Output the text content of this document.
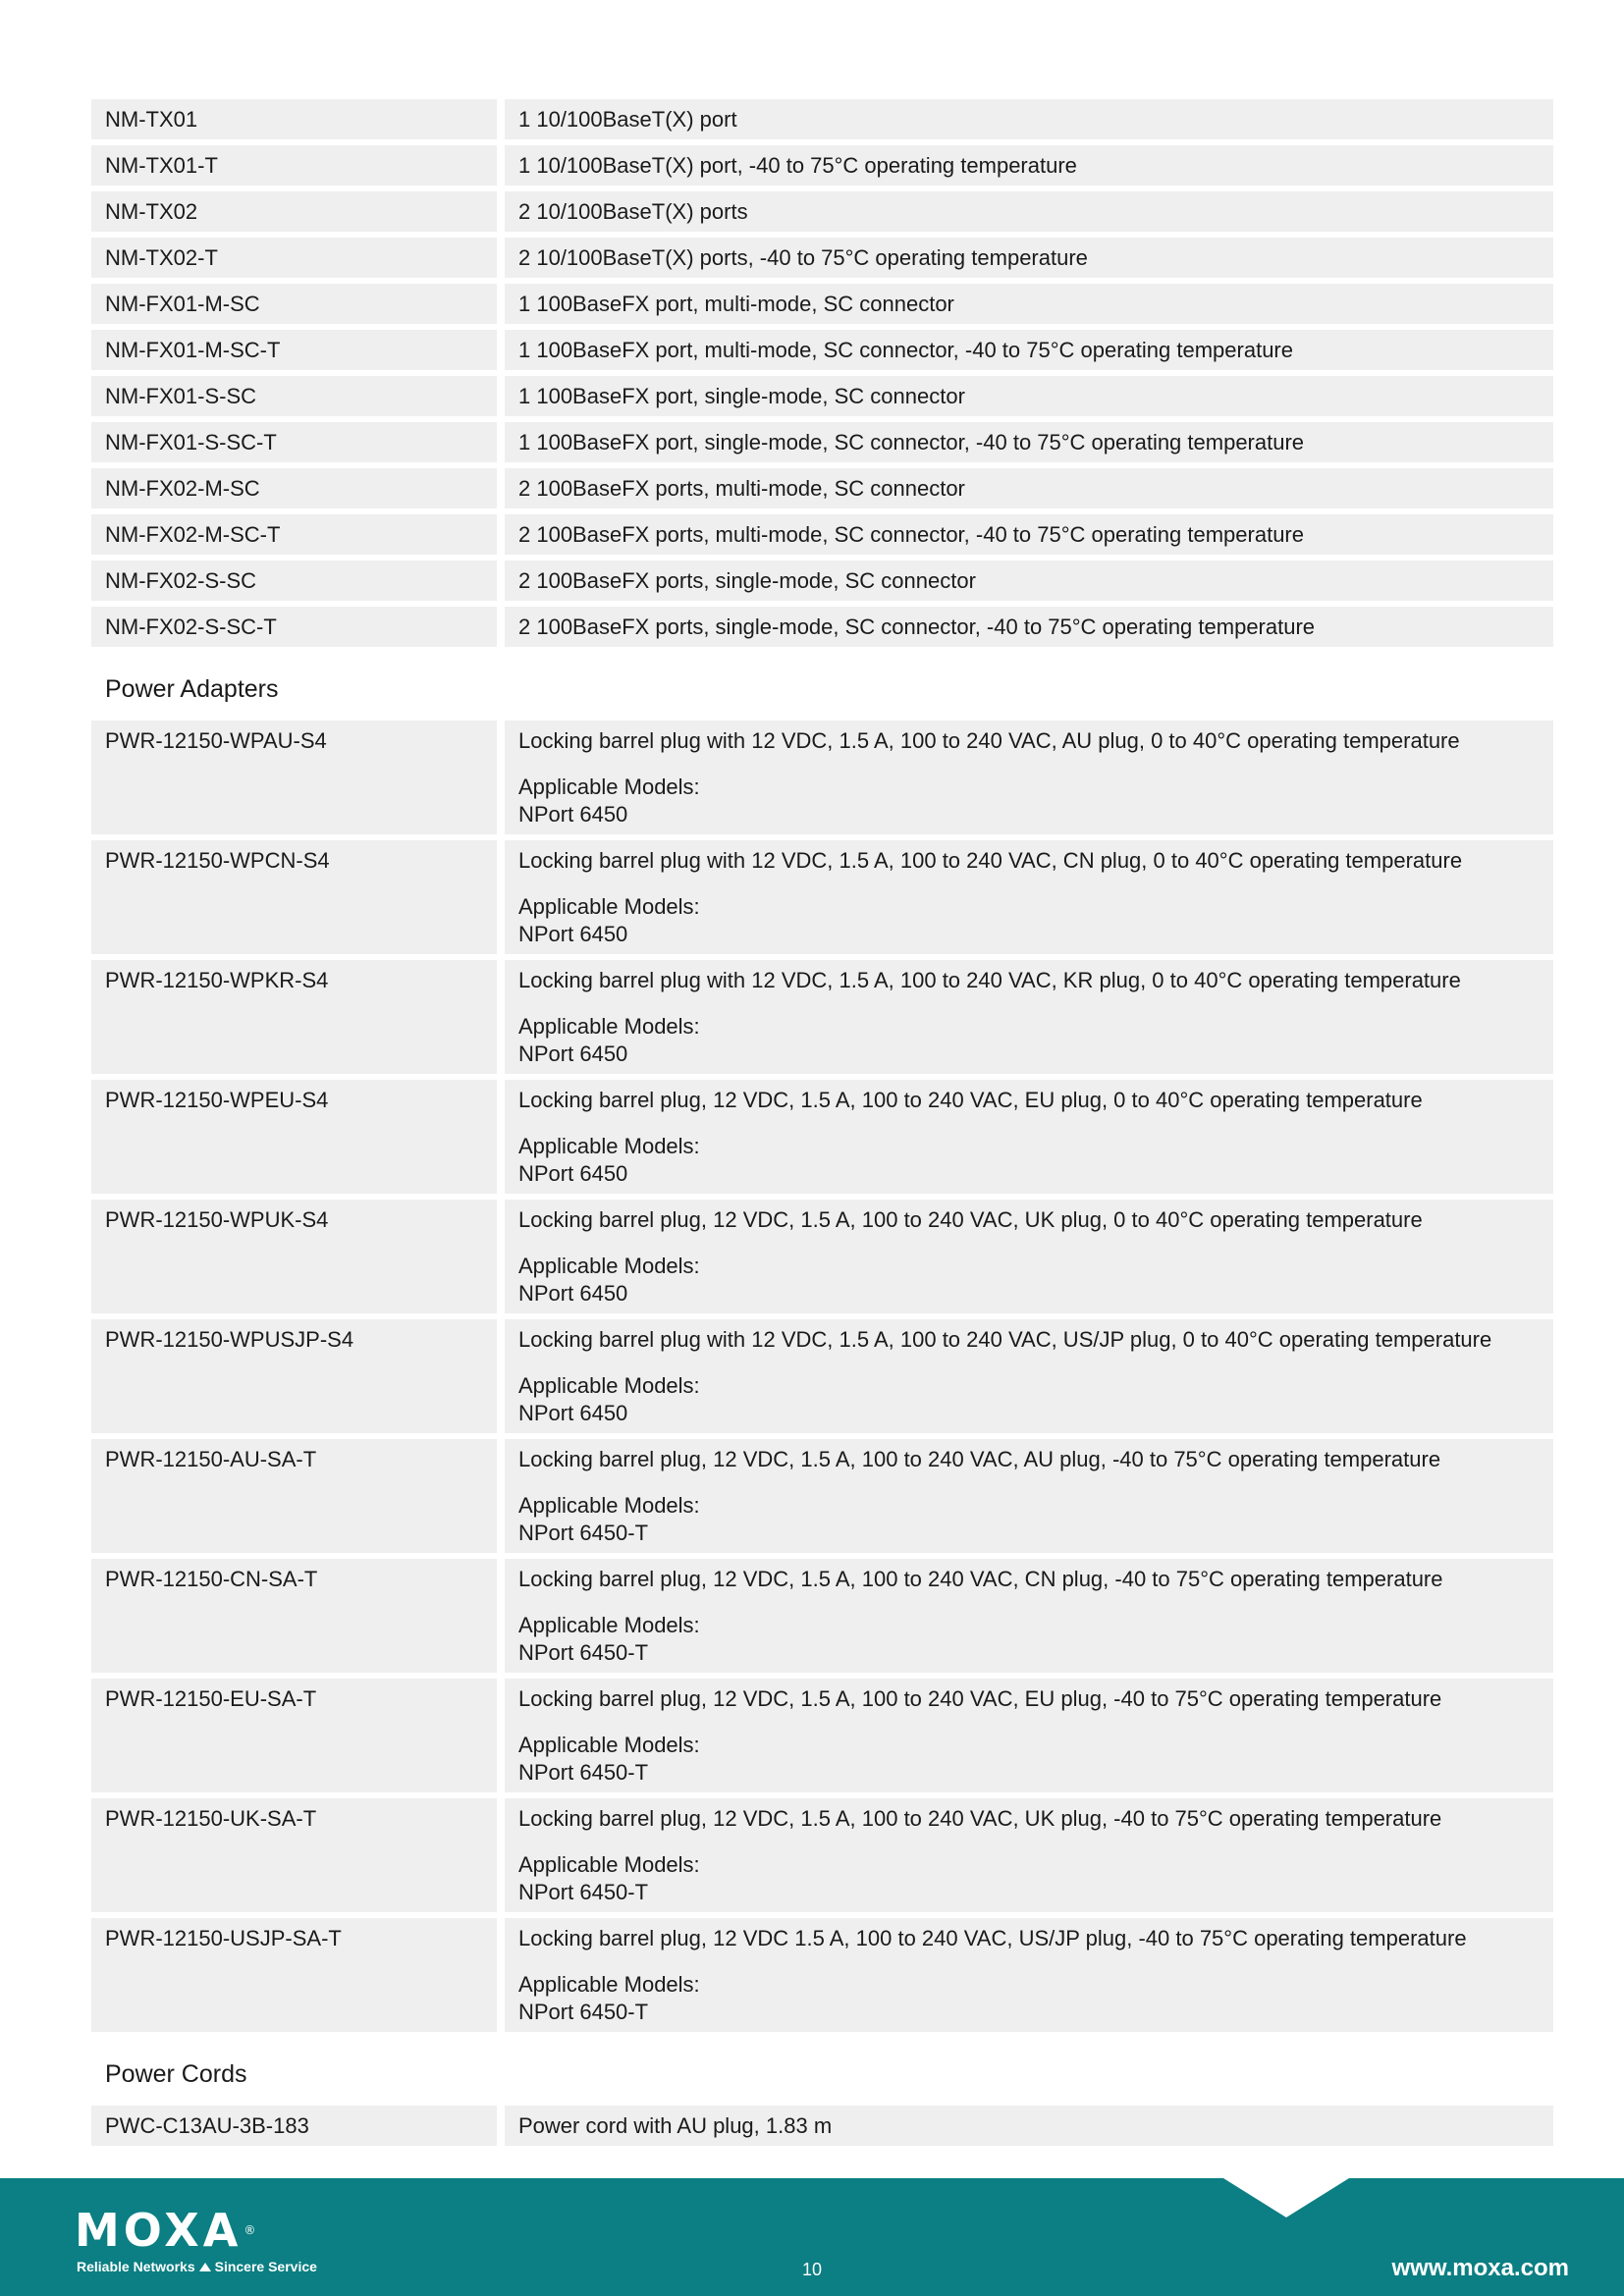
NM-TX01	1 10/100BaseT(X) port
NM-TX01-T	1 10/100BaseT(X) port, -40 to 75°C operating temperature
NM-TX02	2 10/100BaseT(X) ports
NM-TX02-T	2 10/100BaseT(X) ports, -40 to 75°C operating temperature
NM-FX01-M-SC	1 100BaseFX port, multi-mode, SC connector
NM-FX01-M-SC-T	1 100BaseFX port, multi-mode, SC connector, -40 to 75°C operating temperature
NM-FX01-S-SC	1 100BaseFX port, single-mode, SC connector
NM-FX01-S-SC-T	1 100BaseFX port, single-mode, SC connector, -40 to 75°C operating temperature
NM-FX02-M-SC	2 100BaseFX ports, multi-mode, SC connector
NM-FX02-M-SC-T	2 100BaseFX ports, multi-mode, SC connector, -40 to 75°C operating temperature
NM-FX02-S-SC	2 100BaseFX ports, single-mode, SC connector
NM-FX02-S-SC-T	2 100BaseFX ports, single-mode, SC connector, -40 to 75°C operating temperature
Power Adapters
PWR-12150-WPAU-S4	Locking barrel plug with 12 VDC, 1.5 A, 100 to 240 VAC, AU plug, 0 to 40°C operating temperature
Applicable Models:
NPort 6450
PWR-12150-WPCN-S4	Locking barrel plug with 12 VDC, 1.5 A, 100 to 240 VAC, CN plug, 0 to 40°C operating temperature
Applicable Models:
NPort 6450
PWR-12150-WPKR-S4	Locking barrel plug with 12 VDC, 1.5 A, 100 to 240 VAC, KR plug, 0 to 40°C operating temperature
Applicable Models:
NPort 6450
PWR-12150-WPEU-S4	Locking barrel plug, 12 VDC, 1.5 A, 100 to 240 VAC, EU plug, 0 to 40°C operating temperature
Applicable Models:
NPort 6450
PWR-12150-WPUK-S4	Locking barrel plug, 12 VDC, 1.5 A, 100 to 240 VAC, UK plug, 0 to 40°C operating temperature
Applicable Models:
NPort 6450
PWR-12150-WPUSJP-S4	Locking barrel plug with 12 VDC, 1.5 A, 100 to 240 VAC, US/JP plug, 0 to 40°C operating temperature
Applicable Models:
NPort 6450
PWR-12150-AU-SA-T	Locking barrel plug, 12 VDC, 1.5 A, 100 to 240 VAC, AU plug, -40 to 75°C operating temperature
Applicable Models:
NPort 6450-T
PWR-12150-CN-SA-T	Locking barrel plug, 12 VDC, 1.5 A, 100 to 240 VAC, CN plug, -40 to 75°C operating temperature
Applicable Models:
NPort 6450-T
PWR-12150-EU-SA-T	Locking barrel plug, 12 VDC, 1.5 A, 100 to 240 VAC, EU plug, -40 to 75°C operating temperature
Applicable Models:
NPort 6450-T
PWR-12150-UK-SA-T	Locking barrel plug, 12 VDC, 1.5 A, 100 to 240 VAC, UK plug, -40 to 75°C operating temperature
Applicable Models:
NPort 6450-T
PWR-12150-USJP-SA-T	Locking barrel plug, 12 VDC 1.5 A, 100 to 240 VAC, US/JP plug, -40 to 75°C operating temperature
Applicable Models:
NPort 6450-T
Power Cords
PWC-C13AU-3B-183	Power cord with AU plug, 1.83 m
MOXA ®
Reliable Networks Sincere Service	10	www.moxa.com
